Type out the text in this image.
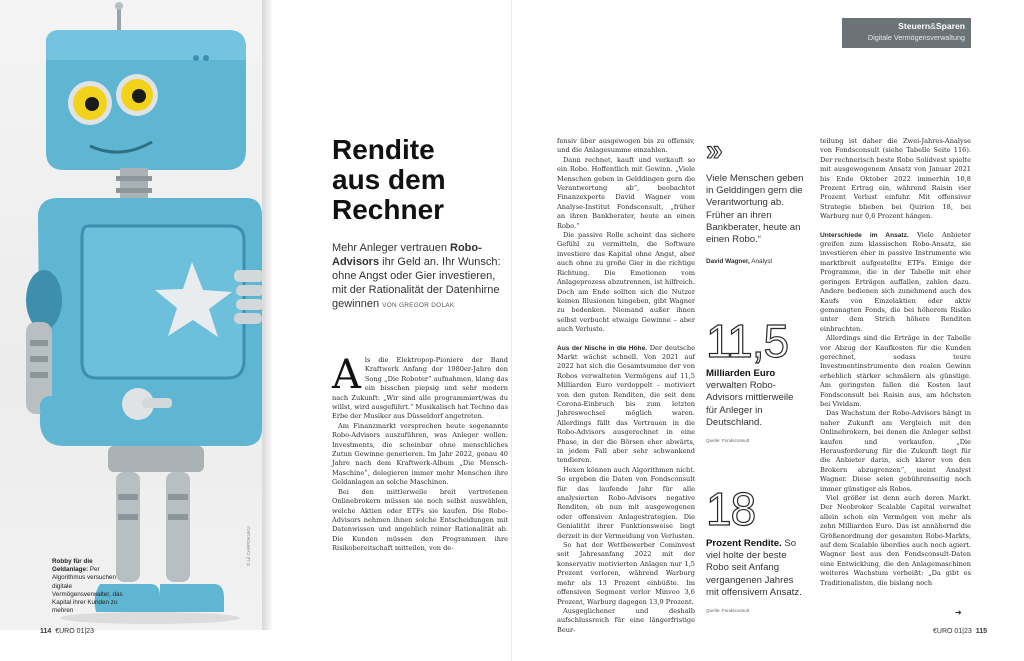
Robby für die Geldanlage: Per Algorithmus versuchen digitale Vermögensverwalter, das Kapital ihrer Kunden zu mehren
© Lil CARPOKUKU
Rendite
aus dem
Rechner
Mehr Anleger vertrauen Robo-Advisors ihr Geld an. Ihr Wunsch: ohne Angst oder Gier investieren, mit der Rationalität der Datenhirne gewinnen VON GREGOR DOLAK

Als die Elektropop-Pioniere der Band Kraftwerk Anfang der 1980er-Jahre den Song „Die Roboter“ aufnahmen, klang das ein bisschen piepsig und sehr modern nach Zukunft: „Wir sind alle programmiert/was du willst, wird ausgeführt.“ Musikalisch hat Techno das Erbe der Musiker aus Düsseldorf angetreten.

Am Finanzmarkt versprechen heute sogenannte Robo-Advisors auszuführen, was Anleger wollen: Investments, die scheinbar ohne menschliches Zutun Gewinne generieren. Im Jahr 2022, genau 40 Jahre nach dem Kraftwerk-Album „Die Mensch-Maschine“, delegieren immer mehr Menschen ihre Geldanlagen an solche Maschinen.

Bei den mittlerweile breit vertretenen Onlinebrokern müssen sie noch selbst auswählen, welche Aktien oder ETFs sie kaufen. Die Robo-Advisors nehmen ihnen solche Entscheidungen mit Datenwissen und angeblich reiner Rationalität ab. Die Kunden müssen den Programmen ihre Risikobereitschaft mitteilen, von de-

114 €URO 01|23
Steuern&Sparen
Digitale Vermögensverwaltung

fensiv über ausgewogen bis zu offensiv, und die Anlagesumme einzahlen.

Dann rechnet, kauft und verkauft so ein Robo. Hoffentlich mit Gewinn. „Viele Menschen geben in Gelddingen gern die Verantwortung ab“, beobachtet Finanzexperte David Wagner vom Analyse-Institut Fondsconsult, „früher an ihren Bankberater, heute an einen Robo.“

Die passive Rolle scheint das sichere Gefühl zu vermitteln, die Software investiere das Kapital ohne Angst, aber auch ohne zu große Gier in die richtige Richtung. Die Emotionen vom Anlageprozess abzutrennen, ist hilfreich. Doch am Ende sollten sich die Nutzer keinen Illusionen hingeben, gibt Wagner zu bedenken. Niemand außer ihnen selbst verbucht etwaige Gewinne – aber auch Verluste.

Aus der Nische in die Höhe. Der deutsche Markt wächst schnell. Von 2021 auf 2022 hat sich die Gesamtsumme der von Robos verwalteten Vermögens auf 11,5 Milliarden Euro verdoppelt – motiviert von den guten Renditen, die seit dem Corona-Einbruch bis zum letzten Jahreswechsel möglich waren. Allerdings fällt das Vertrauen in die Robo-Advisors ausgerechnet in eine Phase, in der die Börsen eher abwärts, in jedem Fall aber sehr schwankend tendieren.

Hexen können auch Algorithmen nicht. So ergeben die Daten von Fondsconsult für das laufende Jahr für alle analysierten Robo-Advisors negative Renditen, ob nun mit ausgewogenen oder offensiven Anlagestrategien. Die Genialität ihrer Funktionsweise liegt derzeit in der Vermeidung von Verlusten.

So hat der Wettbewerber Cominvest seit Jahresanfang 2022 mit der konservativ motivierten Anlagen nur 1,5 Prozent verloren, während Warburg mehr als 13 Prozent einbüßte. Im offensiven Segment verlor Minveo 3,6 Prozent, Warburg dagegen 13,9 Prozent.

Ausgeglichener und deshalb aufschlussreich für eine längerfristige Beur-

»
Viele Menschen geben in Gelddingen gern die Verantwortung ab. Früher an ihren Bankberater, heute an einen Robo.“
David Wagner, Analyst
11,5
Milliarden Euro verwalten Robo-Advisors mittlerweile für Anleger in Deutschland.
Quelle: Fondsconsult
18
Prozent Rendite. So viel holte der beste Robo seit Anfang vergangenen Jahres mit offensivem Ansatz.
Quelle: Fondsconsult

teilung ist daher die Zwei-Jahres-Analyse von Fondsconsult (siehe Tabelle Seite 116). Der rechnerisch beste Robo Solidvest spielte mit ausgewogenem Ansatz von Januar 2021 bis Ende Oktober 2022 immerhin 10,8 Prozent Ertrag ein, während Raisin vier Prozent Verlust einfuhr. Mit offensiver Strategie blieben bei Quirion 18, bei Warburg nur 0,6 Prozent hängen.

Unterschiede im Ansatz. Viele Anbieter greifen zum klassischen Robo-Ansatz, sie investieren eher in passive Instrumente wie marktbreit aufgestellte ETFs. Einige der Programme, die in der Tabelle mit eher geringen Erträgen auffallen, zahlen dazu. Andere bedienen sich zunehmend auch des Kaufs von Einzelaktien oder aktiv gemanagten Fonds, die bei höherem Risiko unter dem Strich höhere Renditen einbrachten.

Allerdings sind die Erträge in der Tabelle vor Abzug der Kaufkosten für die Kunden gerechnet, sodass teure Investmentinstrumente den realen Gewinn erheblich stärker schmälern als günstige. Am geringsten fallen die Kosten laut Fondsconsult bei Raisin aus, am höchsten bei Vividam.

Das Wachstum der Robo-Advisors hängt in naher Zukunft am Vergleich mit den Onlinebrokern, bei denen die Anleger selbst kaufen und verkaufen. „Die Herausforderung für die Zukunft liegt für die Anbieter darin, sich klarer von den Brokern abzugrenzen“, meint Analyst Wagner. Diese seien gebührenseitig noch immer günstiger als Robos.

Viel größer ist denn auch deren Markt. Der Neobroker Scalable Capital verwaltet allein schon ein Vermögen von mehr als zehn Milliarden Euro. Das ist annähernd die Größenordnung der gesamten Robo-Markts, auf dem Scalable überdies auch noch agiert. Wagner liest aus den Fondsconsult-Daten eine Entwicklung, die den Anlagemaschinen weiteres Wachstum verheißt: „Da gibt es Traditionalisten, die bislang noch

➔
€URO 01|23 115
